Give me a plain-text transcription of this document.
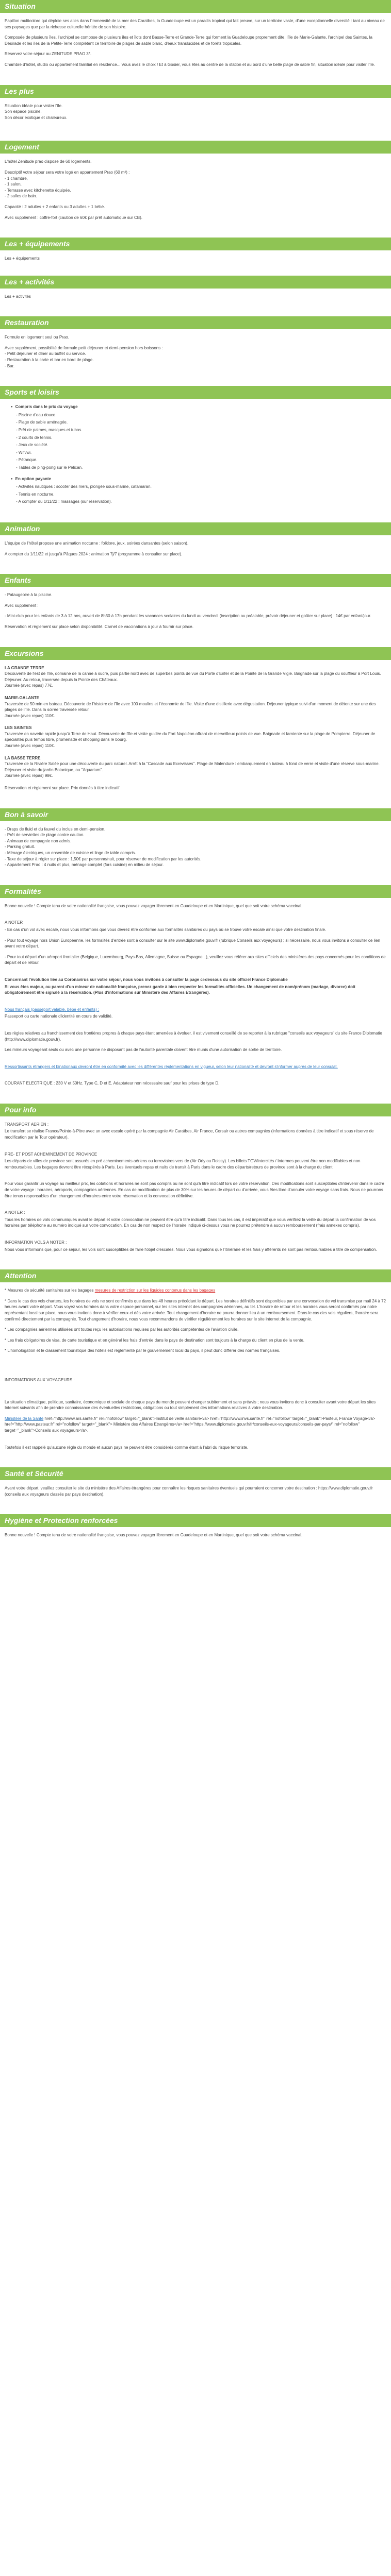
Situation

Papillon multicolore qui déploie ses ailes dans l'immensité de la mer des Caraïbes, la Guadeloupe est un paradis tropical qui fait preuve, sur un territoire vaste, d'une exceptionnelle diversité : tant au niveau de ses paysages que par la richesse culturelle héritée de son histoire.

Composée de plusieurs îles, l'archipel se compose de plusieurs îles et îlots dont Basse-Terre et Grande-Terre qui forment la Guadeloupe proprement dite, l'île de Marie-Galante, l'archipel des Saintes, la Désirade et les îles de la Petite-Terre complètent ce territoire de plages de sable blanc, d'eaux translucides et de forêts tropicales.

Réservez votre séjour au ZENITUDE PRAO 3*.

Chambre d'hôtel, studio ou appartement familial en résidence... Vous avez le choix ! Et à Gosier, vous êtes au centre de la station et au bord d'une belle plage de sable fin, situation idéale pour visiter l'île.

Les plus

Situation idéale pour visiter l'île.

Son espace piscine.

Son décor exotique et chaleureux.

Logement

L'hôtel Zenitude prao dispose de 60 logements.

Descriptif votre séjour sera votre logé en appartement Prao (60 m²) :

- 1 chambre,

- 1 salon,

- Terrasse avec kitchenette équipée,

- 2 salles de bain.

Capacité : 2 adultes + 2 enfants ou 3 adultes + 1 bébé.

Avec supplément : coffre-fort (caution de 60€ par prêt automatique sur CB).

Les + équipements

Les + équipements

Les + activités

Les + activités

Restauration

Formule en logement seul ou Prao.

Avec supplément, possibilité de formule petit déjeuner et demi-pension hors boissons :

- Petit déjeuner et dîner au buffet ou service.

- Restauration à la carte et bar en bord de plage.

- Bar.

Sports et loisirs
● Compris dans le prix du voyage

- Piscine d'eau douce.

- Plage de sable aménagée.

- Prêt de palmes, masques et tubas.

- 2 courts de tennis.

- Jeux de société.

- Wifi/wi.

- Pétanque.

- Tables de ping-pong sur le Pélican.

● En option payante

- Activités nautiques : scooter des mers, plongée sous-marine, catamaran.

- Tennis en nocturne.

- A compter du 1/11/22 : massages (sur réservation).

Animation

L'équipe de l'hôtel propose une animation nocturne : folklore, jeux, soirées dansantes (selon saison).

A compter du 1/11/22 et jusqu'à Pâques 2024 : animation 7j/7 (programme à consulter sur place).

Enfants

- Pataugeoire à la piscine.

Avec supplément :

- Mini-club pour les enfants de 3 à 12 ans, ouvert de 8h30 à 17h pendant les vacances scolaires du lundi au vendredi (inscription au préalable, prévoir déjeuner et goûter sur place) : 14€ par enfant/jour.

Réservation et règlement sur place selon disponibilité. Carnet de vaccinations à jour à fournir sur place.

Excursions

LA GRANDE TERRE

Découverte de l'est de l'île, domaine de la canne à sucre, puis partie nord avec de superbes points de vue du Porte d'Enfer et de la Pointe de la Grande Vigie. Baignade sur la plage du souffleur à Port Louis. Déjeuner. Au retour, traversée depuis la Pointe des Châteaux.

Journée (avec repas) 77€.

MARIE-GALANTE

Traversée de 50 min en bateau. Découverte de l'histoire de l'île avec 100 moulins et l'économie de l'île. Visite d'une distillerie avec dégustation. Déjeuner typique suivi d'un moment de détente sur une des plages de l'île. Dans la soirée traversée retour.

Journée (avec repas) 110€.

LES SAINTES

Traversée en navette rapide jusqu'à Terre de Haut. Découverte de l'île et visite guidée du Fort Napoléon offrant de merveilleux points de vue. Baignade et farniente sur la plage de Pompierre. Déjeuner de spécialités puis temps libre, promenade et shopping dans le bourg.

Journée (avec repas) 110€.

LA BASSE TERRE

Traversée de la Rivière Salée pour une découverte du parc naturel. Arrêt à la "Cascade aux Ecrevisses". Plage de Malendure : embarquement en bateau à fond de verre et visite d'une réserve sous-marine. Déjeuner et visite du jardin Botanique, ou "Aquarium".

Journée (avec repas) 98€.

Réservation et règlement sur place. Prix donnés à titre indicatif.

Bon à savoir

- Draps de fluid et du fauvel du inclus en demi-pension.

- Prêt de serviettes de plage contre caution.

- Animaux de compagnie non admis.

- Parking gratuit.

- Ménage électriques, un ensemble de cuisine et linge de table compris.

- Taxe de séjour à régler sur place : 1,50€ par personne/nuit, pour réserver de modification par les autorités.

- Appartement Prao : 4 nuits et plus, ménage complet (fors cuisine) en milieu de séjour.

Formalités

Bonne nouvelle ! Compte tenu de votre nationalité française, vous pouvez voyager librement en Guadeloupe et en Martinique, quel que soit votre schéma vaccinal.

A NOTER

- En cas d'un vol avec escale, nous vous informons que vous devrez être conforme aux formalités sanitaires du pays où se trouve votre escale ainsi que votre destination finale.

- Pour tout voyage hors Union Européenne, les formalités d'entrée sont à consulter sur le site www.diplomatie.gouv.fr (rubrique Conseils aux voyageurs) ; si nécessaire, nous vous invitons à consulter ce lien avant votre départ.

- Pour tout départ d'un aéroport frontalier (Belgique, Luxembourg, Pays-Bas, Allemagne, Suisse ou Espagne...), veuillez vous référer aux sites officiels des ministères des pays concernés pour les conditions de départ et de retour.

Concernant l'évolution liée au Coronavirus sur votre séjour, nous vous invitons à consulter la page ci-dessous du site officiel France Diplomatie

Si vous êtes majeur, ou parent d'un mineur de nationalité française, prenez garde à bien respecter les formalités officielles. Un changement de nom/prénom (mariage, divorce) doit obligatoirement être signalé à la réservation. (Plus d'informations sur Ministère des Affaires Etrangères).

Nous français (passeport valable, bébé et enfants) :

Passeport ou carte nationale d'identité en cours de validité.

Les règles relatives au franchissement des frontières propres à chaque pays étant amenées à évoluer, il est vivement conseillé de se reporter à la rubrique "conseils aux voyageurs" du site France Diplomatie (http://www.diplomatie.gouv.fr).

Les mineurs voyageant seuls ou avec une personne ne disposant pas de l'autorité parentale doivent être munis d'une autorisation de sortie de territoire.

Ressortissants étrangers et binationaux devront être en conformité avec les différentes réglementations en vigueur, selon leur nationalité et devront s'informer auprès de leur consulat.

COURANT ELECTRIQUE : 230 V et 50Hz. Type C, D et E. Adaptateur non nécessaire sauf pour les prises de type D.

Pour info

TRANSPORT AERIEN :

Le transfert se réalise France/Pointe-à-Pitre avec un avec escale opéré par la compagnie Air Caraïbes, Air France, Corsair ou autres compagnies (informations données à titre indicatif et sous réserve de modification par le Tour opérateur).

PRE- ET POST ACHEMINEMENT DE PROVINCE

Les départs de villes de province sont assurés en pré acheminements aériens ou ferroviaires vers de (Air Orly ou Roissy). Les billets TGV/Intercités / Intermes peuvent être non modifiables et non remboursables. Les bagages devront être récupérés à Paris. Les éventuels repas et nuits de transit à Paris dans le cadre des départs/retours de province sont à la charge du client.

Pour vous garantir un voyage au meilleur prix, les cotations et horaires ne sont pas compris ou ne sont qu'à titre indicatif lors de votre réservation. Des modifications sont susceptibles d'intervenir dans le cadre de votre voyage : horaires, aéroports, compagnies aériennes. En cas de modification de plus de 30% sur les heures de départ ou d'arrivée, vous êtes libre d'annuler votre voyage sans frais. Nous ne pourrons être tenus responsables d'un changement d'horaires entre votre réservation et la convocation définitive.

A NOTER :

Tous les horaires de vols communiqués avant le départ et votre convocation ne peuvent être qu'à titre indicatif. Dans tous les cas, il est impératif que vous vérifiiez la veille du départ la confirmation de vos horaires par téléphone au numéro indiqué sur votre convocation. En cas de non respect de l'horaire indiqué ci-dessus vous ne pourrez prétendre à aucun remboursement (frais annexes compris).

INFORMATION VOLS A NOTER :

Nous vous informons que, pour ce séjour, les vols sont susceptibles de faire l'objet d'escales. Nous vous signalons que l'itinéraire et les frais y afférents ne sont pas remboursables à titre de compensation.

Attention

* Mesures de sécurité sanitaires sur les bagages mesures de restriction sur les liquides contenus dans les bagages

* Dans le cas des vols charters, les horaires de vols ne sont confirmés que dans les 48 heures précédant le départ. Les horaires définitifs sont disponibles par une convocation de vol transmise par mail 24 à 72 heures avant votre départ. Vous voyez vos horaires dans votre espace personnel, sur les sites internet des compagnies aériennes, au tel. L'horaire de retour et les horaires vous seront confirmés par notre représentant local sur place, nous vous invitons donc à vérifier ceux-ci dès votre arrivée. Tout changement d'horaire ne pourra donner lieu à un remboursement. Dans le cas des vols réguliers, l'horaire sera confirmé directement par la compagnie. Tout changement d'horaire, nous vous recommandons de vérifier régulièrement les horaires sur le site internet de la compagnie.

* Les compagnies aériennes utilisées ont toutes reçu les autorisations requises par les autorités compétentes de l'aviation civile.

* Les frais obligatoires de visa, de carte touristique et en général les frais d'entrée dans le pays de destination sont toujours à la charge du client en plus de la vente.

* L'homologation et le classement touristique des hôtels est réglementé par le gouvernement local du pays, il peut donc différer des normes françaises.

INFORMATIONS AUX VOYAGEURS :

La situation climatique, politique, sanitaire, économique et sociale de chaque pays du monde peuvent changer subitement et sans préavis ; nous vous invitons donc à consulter avant votre départ les sites Internet suivants afin de prendre connaissance des éventuelles restrictions, obligations ou tout simplement des informations relatives à votre destination.

Ministère de la Santé href="http://www.ars.sante.fr" rel="nofollow" target="_blank">Institut de veille sanitaire</a> href="http://www.invs.sante.fr" rel="nofollow" target="_blank">Pasteur, France Voyage</a> href="http://www.pasteur.fr" rel="nofollow" target="_blank"> Ministère des Affaires Etrangères</a> href="https://www.diplomatie.gouv.fr/fr/conseils-aux-voyageurs/conseils-par-pays/" rel="nofollow" target="_blank">Conseils aux voyageurs</a>.

Toutefois il est rappelé qu'aucune règle du monde et aucun pays ne peuvent être considérés comme étant à l'abri du risque terroriste.

Santé et Sécurité

Avant votre départ, veuillez consulter le site du ministère des Affaires étrangères pour connaître les risques sanitaires éventuels qui pourraient concerner votre destination : https://www.diplomatie.gouv.fr (conseils aux voyageurs classés par pays destination).

Hygiène et Protection renforcées

Bonne nouvelle ! Compte tenu de votre nationalité française, vous pouvez voyager librement en Guadeloupe et en Martinique, quel que soit votre schéma vaccinal.
